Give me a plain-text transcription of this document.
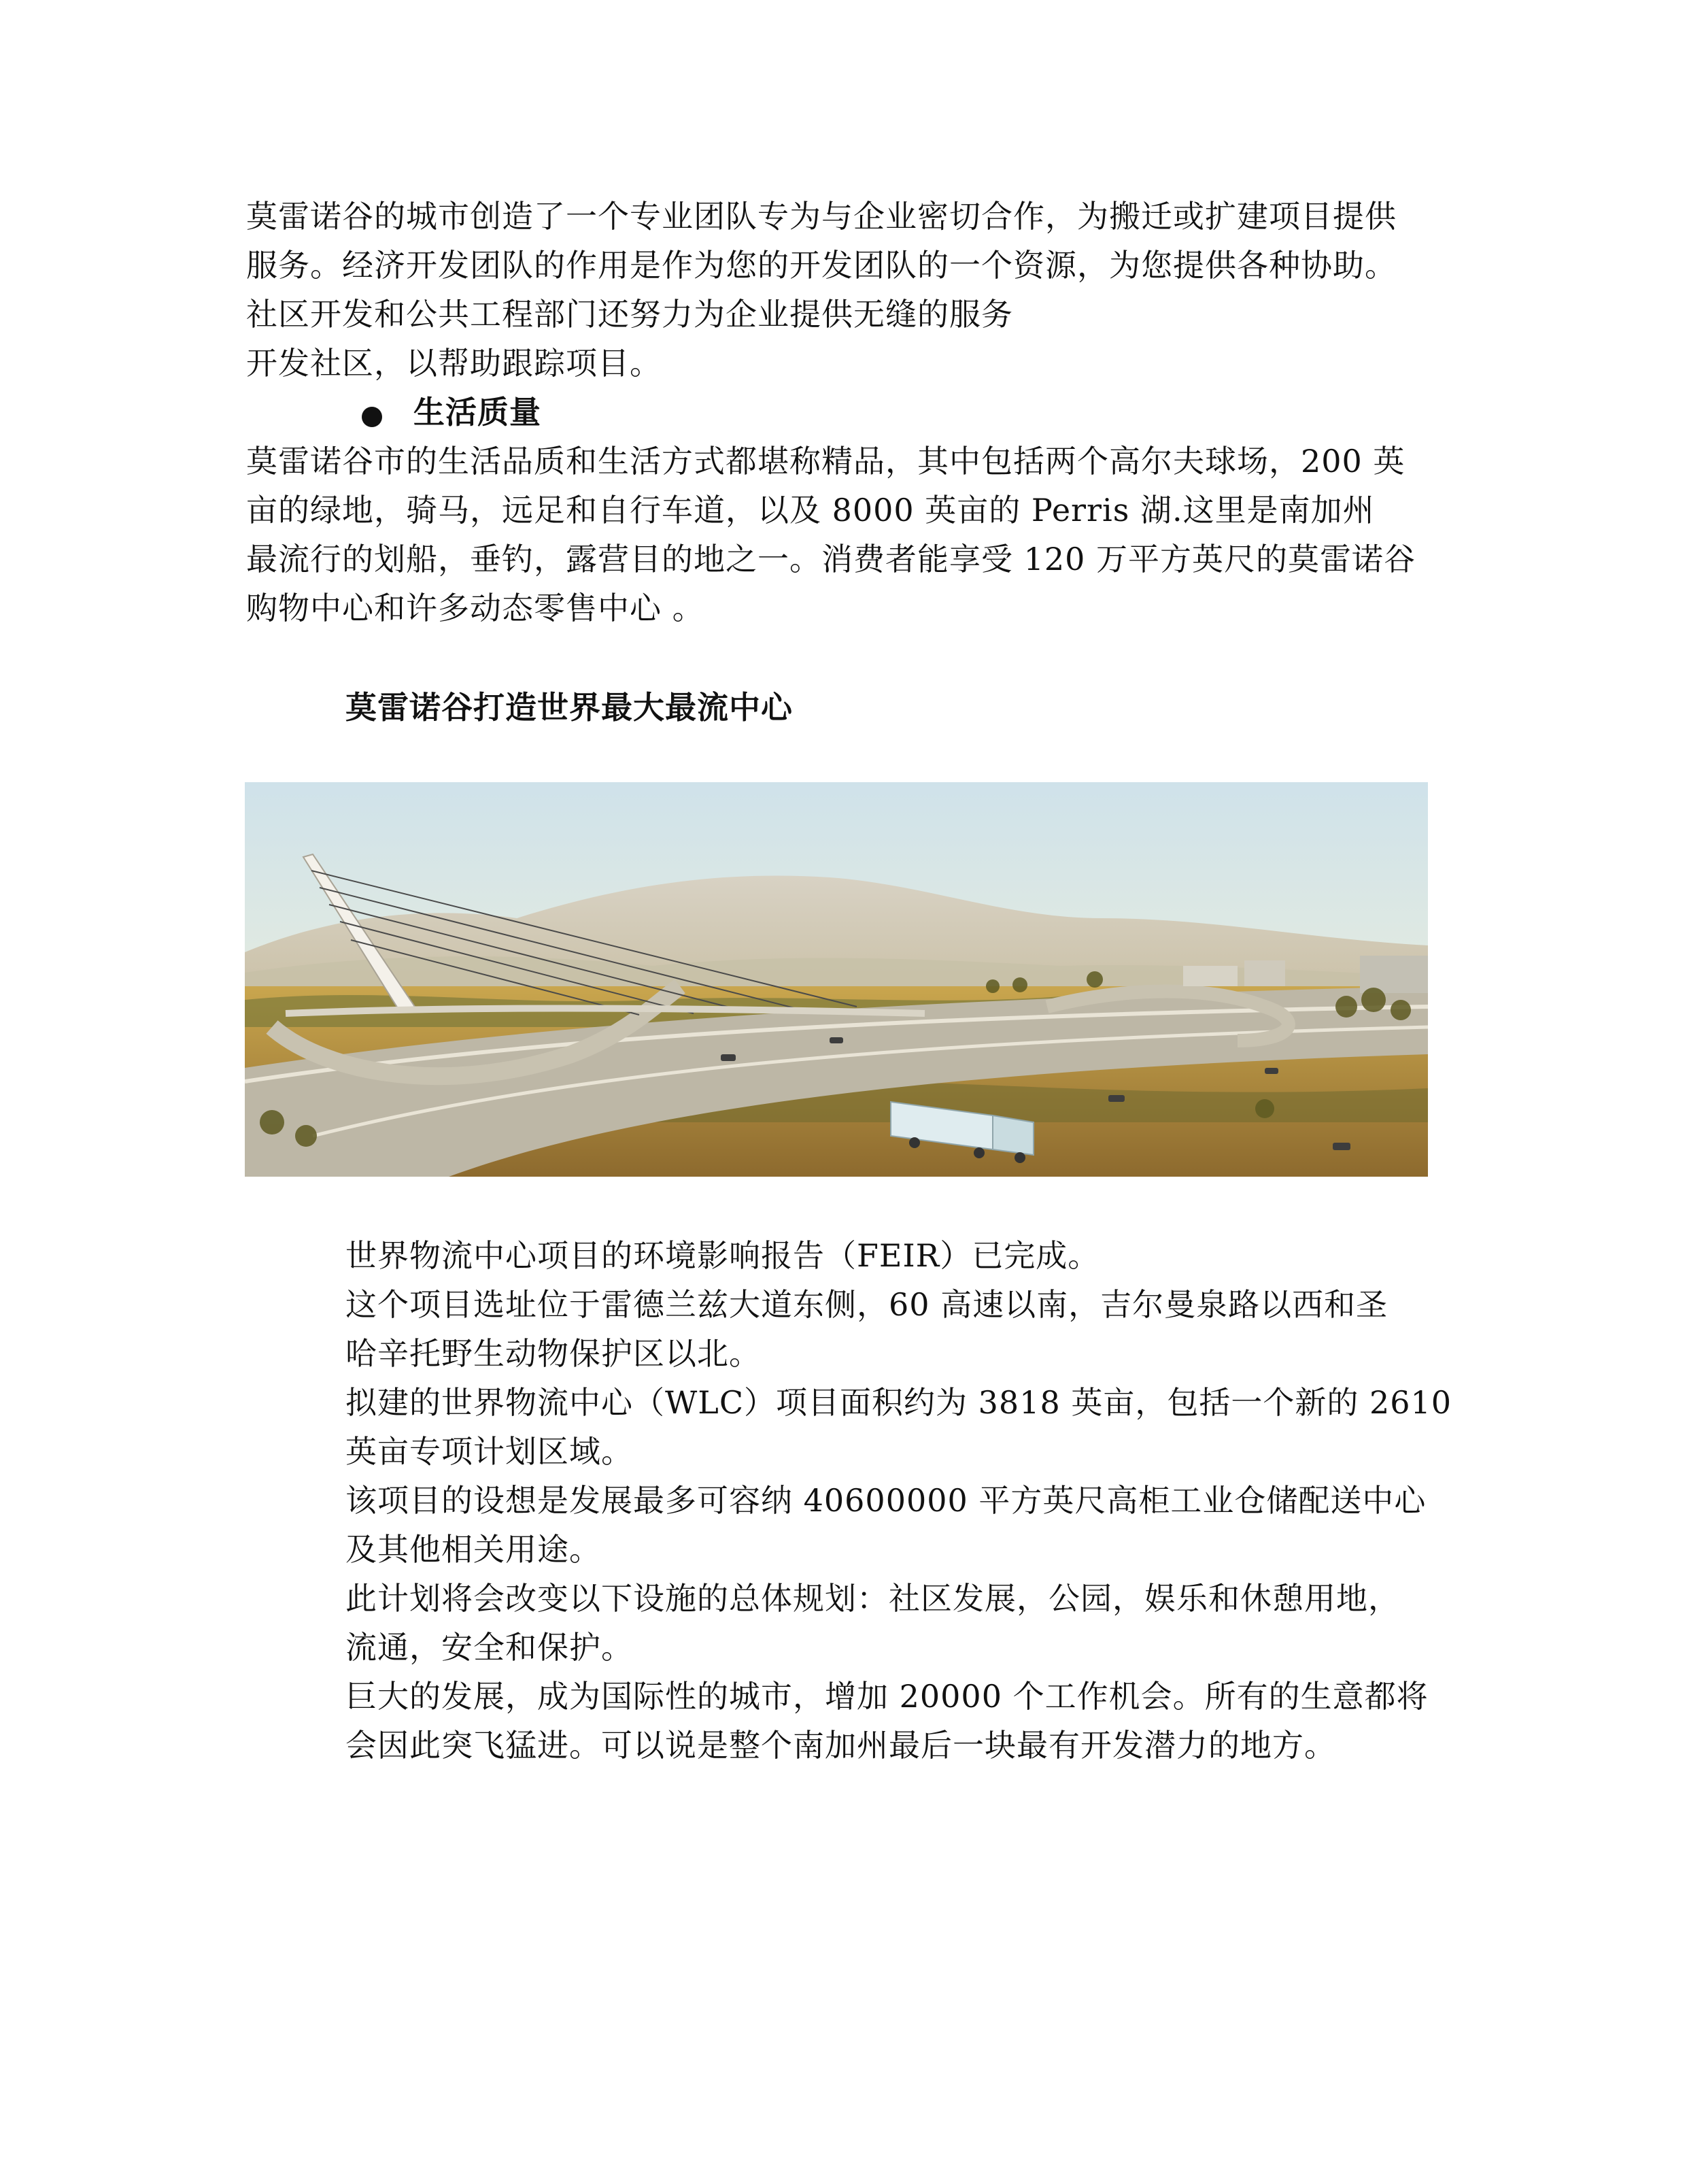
莫雷诺谷的城市创造了一个专业团队专为与企业密切合作，为搬迁或扩建项目提供
服务。经济开发团队的作用是作为您的开发团队的一个资源，为您提供各种协助。
社区开发和公共工程部门还努力为企业提供无缝的服务
开发社区，以帮助跟踪项目。
生活质量
莫雷诺谷市的生活品质和生活方式都堪称精品，其中包括两个高尔夫球场，200 英
亩的绿地，骑马，远足和自行车道，以及 8000 英亩的 Perris 湖.这里是南加州
最流行的划船，垂钓，露营目的地之一。消费者能享受 120 万平方英尺的莫雷诺谷
购物中心和许多动态零售中心 。
莫雷诺谷打造世界最大最流中心
世界物流中心项目的环境影响报告（FEIR）已完成。
这个项目选址位于雷德兰兹大道东侧，60 高速以南，吉尔曼泉路以西和圣
哈辛托野生动物保护区以北。
拟建的世界物流中心（WLC）项目面积约为 3818 英亩，包括一个新的 2610
英亩专项计划区域。
该项目的设想是发展最多可容纳 40600000 平方英尺高柜工业仓储配送中心
及其他相关用途。
此计划将会改变以下设施的总体规划：社区发展，公园，娱乐和休憩用地，
流通，安全和保护。
巨大的发展，成为国际性的城市，增加 20000 个工作机会。所有的生意都将
会因此突飞猛进。可以说是整个南加州最后一块最有开发潜力的地方。
